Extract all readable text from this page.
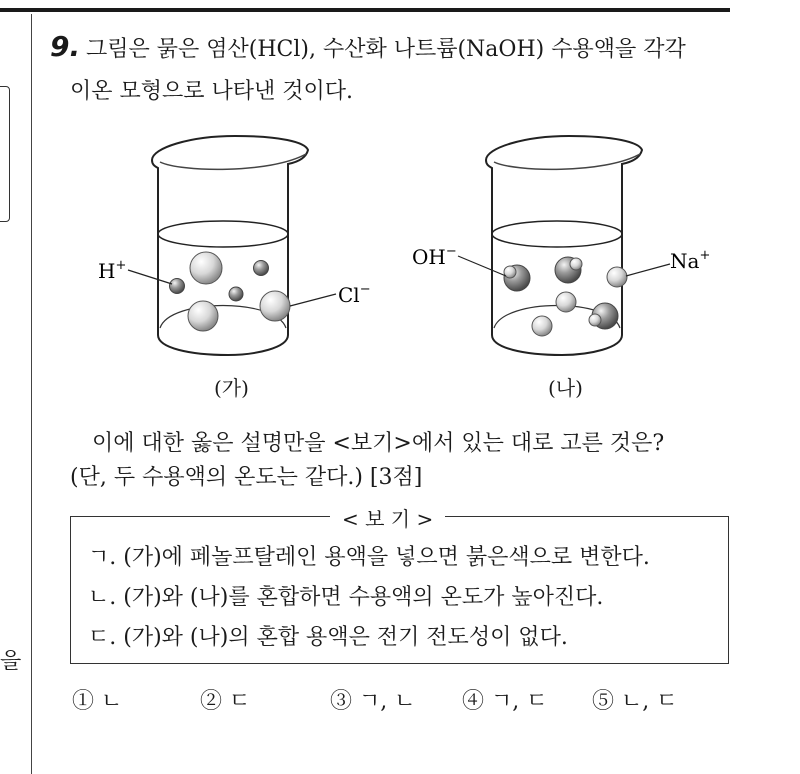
을
9. 그림은 묽은 염산(HCl), 수산화 나트륨(NaOH) 수용액을 각각
이온 모형으로 나타낸 것이다.
H+
Cl−
OH−	Na+
(가)	(나)
이에 대한 옳은 설명만을 <보기>에서 있는 대로 고른 것은?
(단, 두 수용액의 온도는 같다.) [3점]
< 보 기 >
ㄱ. (가)에 페놀프탈레인 용액을 넣으면 붉은색으로 변한다.
ㄴ. (가)와 (나)를 혼합하면 수용액의 온도가 높아진다.
ㄷ. (가)와 (나)의 혼합 용액은 전기 전도성이 없다.
① ㄴ	② ㄷ	③ ㄱ, ㄴ ④ ㄱ, ㄷ ⑤ ㄴ, ㄷ
